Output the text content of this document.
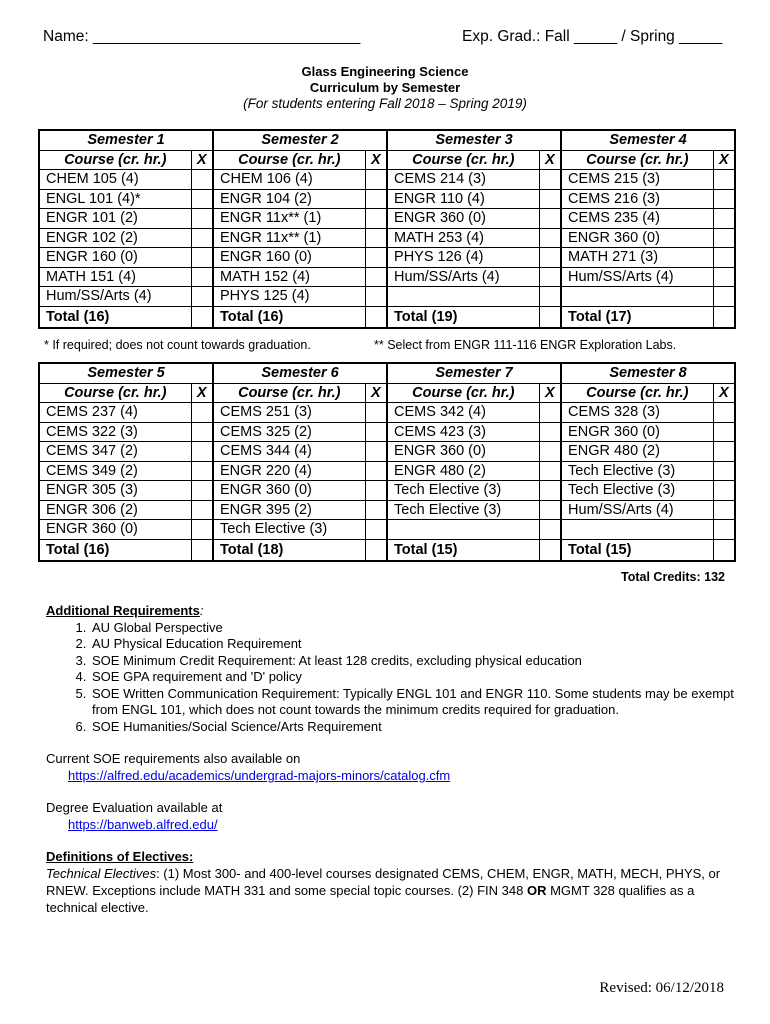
Name: _______________________________	Exp. Grad.: Fall _____ / Spring _____
Glass Engineering Science
Curriculum by Semester
(For students entering Fall 2018 – Spring 2019)
Semester 1		Semester 2		Semester 3		Semester 4	
Course (cr. hr.)	X	Course (cr. hr.)	X	Course (cr. hr.)	X	Course (cr. hr.)	X
CHEM 105 (4)		CHEM 106 (4)		CEMS 214 (3)		CEMS 215 (3)	
ENGL 101 (4)*		ENGR 104 (2)		ENGR 110 (4)		CEMS 216 (3)	
ENGR 101 (2)		ENGR 11x** (1)		ENGR 360 (0)		CEMS 235 (4)	
ENGR 102 (2)		ENGR 11x** (1)		MATH 253 (4)		ENGR 360 (0)	
ENGR 160 (0)		ENGR 160 (0)		PHYS 126 (4)		MATH 271 (3)	
MATH 151 (4)		MATH 152 (4)		Hum/SS/Arts (4)		Hum/SS/Arts (4)	
Hum/SS/Arts (4)		PHYS 125 (4)					
Total (16)		Total (16)		Total (19)		Total (17)	
* If required; does not count towards graduation.	** Select from ENGR 111-116 ENGR Exploration Labs.
Semester 5		Semester 6		Semester 7		Semester 8	
Course (cr. hr.)	X	Course (cr. hr.)	X	Course (cr. hr.)	X	Course (cr. hr.)	X
CEMS 237 (4)		CEMS 251 (3)		CEMS 342 (4)		CEMS 328 (3)	
CEMS 322 (3)		CEMS 325 (2)		CEMS 423 (3)		ENGR 360 (0)	
CEMS 347 (2)		CEMS 344 (4)		ENGR 360 (0)		ENGR 480 (2)	
CEMS 349 (2)		ENGR 220 (4)		ENGR 480 (2)		Tech Elective (3)	
ENGR 305 (3)		ENGR 360 (0)		Tech Elective (3)		Tech Elective (3)	
ENGR 306 (2)		ENGR 395 (2)		Tech Elective (3)		Hum/SS/Arts (4)	
ENGR 360 (0)		Tech Elective (3)					
Total (16)		Total (18)		Total (15)		Total (15)	
Total Credits: 132
Additional Requirements:
1. AU Global Perspective
2. AU Physical Education Requirement
3. SOE Minimum Credit Requirement: At least 128 credits, excluding physical education
4. SOE GPA requirement and 'D' policy
5. SOE Written Communication Requirement: Typically ENGL 101 and ENGR 110. Some students may be exempt from ENGL 101, which does not count towards the minimum credits required for graduation.
6. SOE Humanities/Social Science/Arts Requirement
Current SOE requirements also available on
https://alfred.edu/academics/undergrad-majors-minors/catalog.cfm
Degree Evaluation available at
https://banweb.alfred.edu/
Definitions of Electives:
Technical Electives: (1) Most 300- and 400-level courses designated CEMS, CHEM, ENGR, MATH, MECH, PHYS, or RNEW. Exceptions include MATH 331 and some special topic courses. (2) FIN 348 OR MGMT 328 qualifies as a technical elective.
Revised: 06/12/2018
